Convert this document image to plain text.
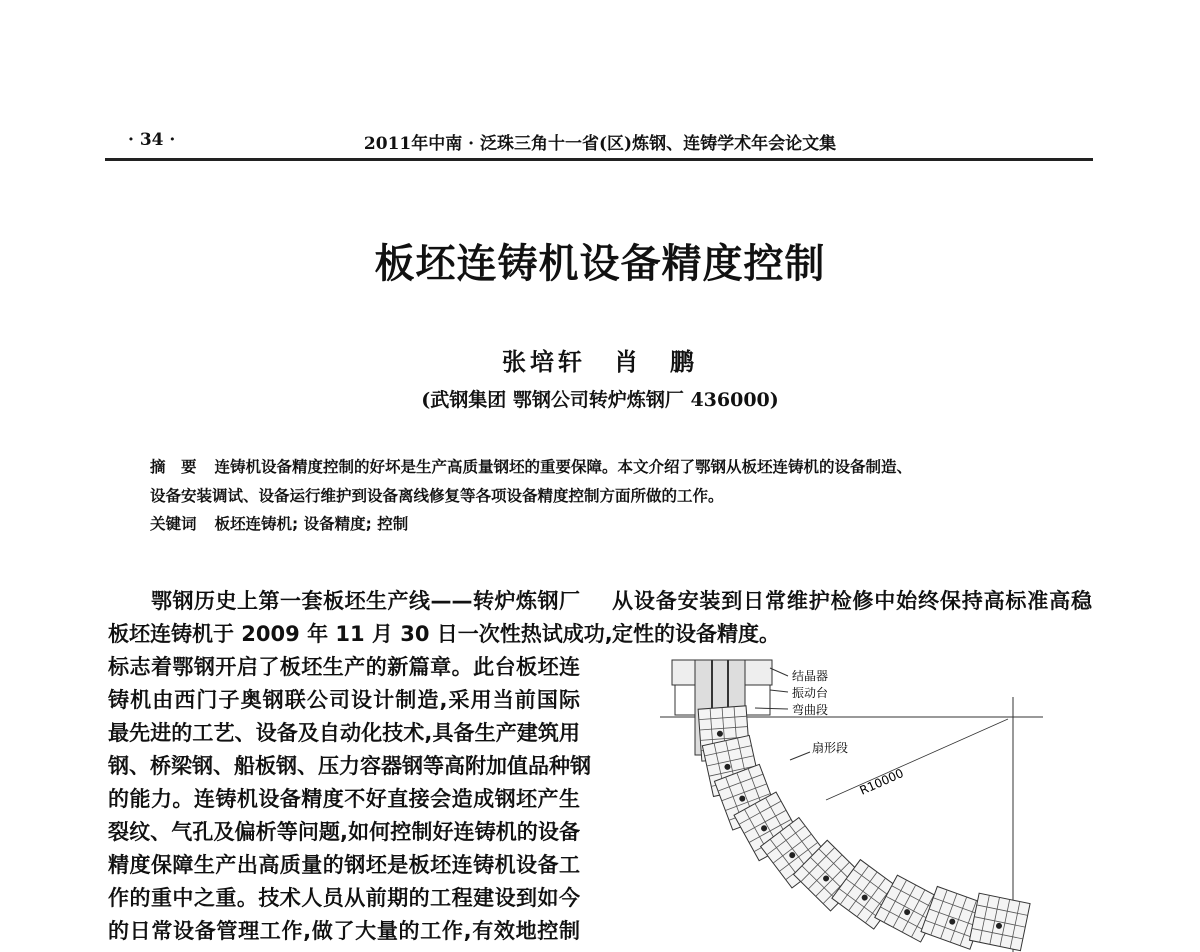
· 34 ·	2011年中南 · 泛珠三角十一省(区)炼钢、连铸学术年会论文集
板坯连铸机设备精度控制
张培轩　肖　鹏
(武钢集团 鄂钢公司转炉炼钢厂 436000)
摘　要 连铸机设备精度控制的好坏是生产高质量钢坯的重要保障。本文介绍了鄂钢从板坯连铸机的设备制造、
设备安装调试、设备运行维护到设备离线修复等各项设备精度控制方面所做的工作。
关键词 板坯连铸机; 设备精度; 控制
　　鄂钢历史上第一套板坯生产线——转炉炼钢厂
板坯连铸机于 2009 年 11 月 30 日一次性热试成功,
标志着鄂钢开启了板坯生产的新篇章。此台板坯连
铸机由西门子奥钢联公司设计制造,采用当前国际
最先进的工艺、设备及自动化技术,具备生产建筑用
钢、桥梁钢、船板钢、压力容器钢等高附加值品种钢
的能力。连铸机设备精度不好直接会造成钢坯产生
裂纹、气孔及偏析等问题,如何控制好连铸机的设备
精度保障生产出高质量的钢坯是板坯连铸机设备工
作的重中之重。技术人员从前期的工程建设到如今
的日常设备管理工作,做了大量的工作,有效地控制
从设备安装到日常维护检修中始终保持高标准高稳
定性的设备精度。
结晶器
振动台
弯曲段
扇形段
R10000
